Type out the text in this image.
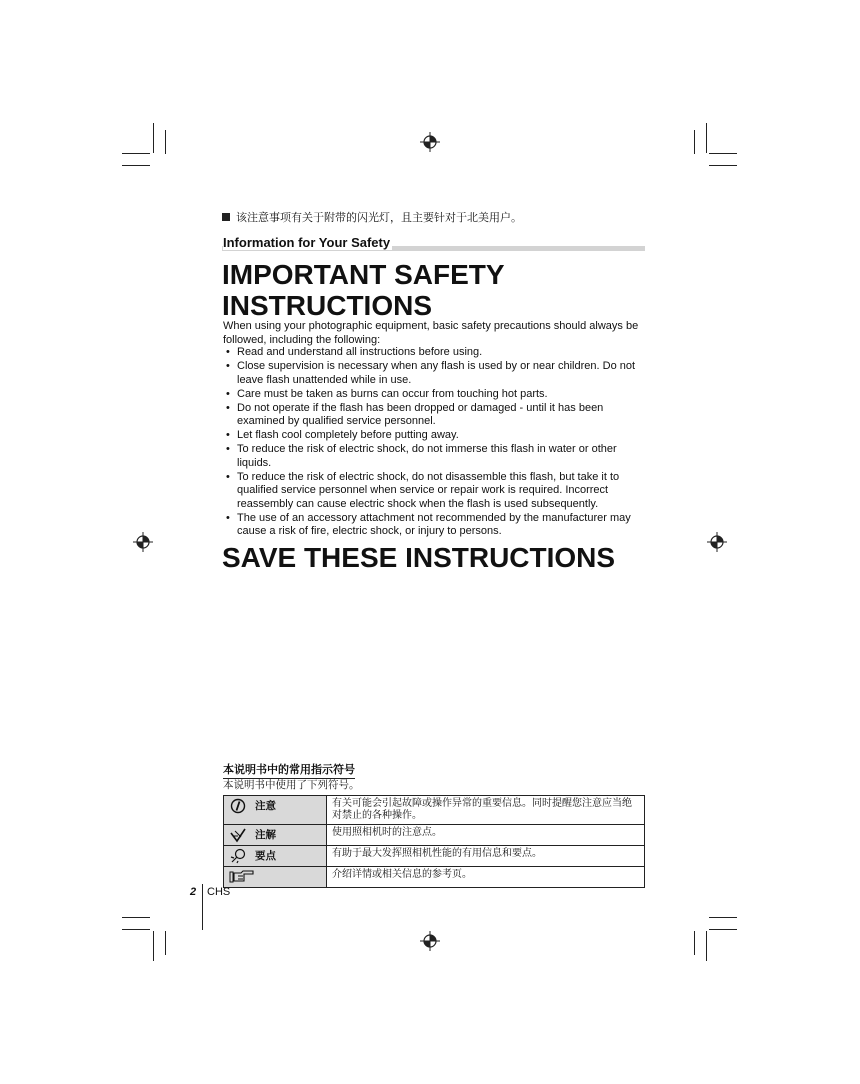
该注意事项有关于附带的闪光灯，且主要针对于北美用户。
Information for Your Safety
IMPORTANT SAFETY
INSTRUCTIONS
When using your photographic equipment, basic safety precautions should always be followed, including the following:
• Read and understand all instructions before using.
• Close supervision is necessary when any flash is used by or near children. Do not leave flash unattended while in use.
• Care must be taken as burns can occur from touching hot parts.
• Do not operate if the flash has been dropped or damaged - until it has been examined by qualified service personnel.
• Let flash cool completely before putting away.
• To reduce the risk of electric shock, do not immerse this flash in water or other liquids.
• To reduce the risk of electric shock, do not disassemble this flash, but take it to qualified service personnel when service or repair work is required. Incorrect reassembly can cause electric shock when the flash is used subsequently.
• The use of an accessory attachment not recommended by the manufacturer may cause a risk of fire, electric shock, or injury to persons.
SAVE THESE INSTRUCTIONS
本说明书中的常用指示符号
本说明书中使用了下列符号。
注意	有关可能会引起故障或操作异常的重要信息。同时提醒您注意应当绝对禁止的各种操作。
注解	使用照相机时的注意点。
要点	有助于最大发挥照相机性能的有用信息和要点。
	介绍详情或相关信息的参考页。
2 CHS
